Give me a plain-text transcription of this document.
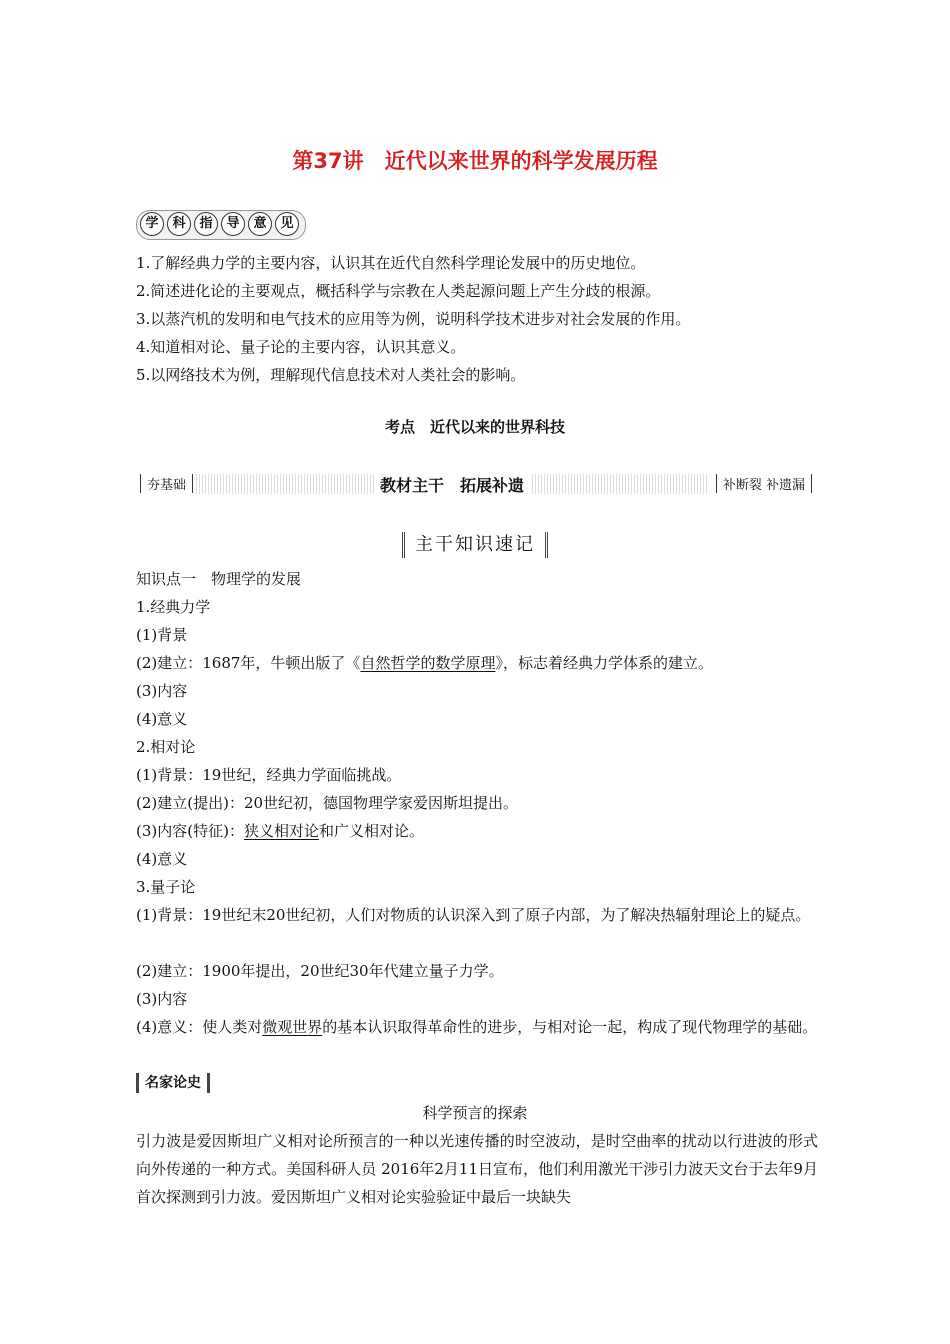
第37讲　近代以来世界的科学发展历程
学	科	指	导	意	见
1.了解经典力学的主要内容，认识其在近代自然科学理论发展中的历史地位。
2.简述进化论的主要观点，概括科学与宗教在人类起源问题上产生分歧的根源。
3.以蒸汽机的发明和电气技术的应用等为例，说明科学技术进步对社会发展的作用。
4.知道相对论、量子论的主要内容，认识其意义。
5.以网络技术为例，理解现代信息技术对人类社会的影响。
考点　近代以来的世界科技
夯基础	教材主干　拓展补遗	补断裂 补遗漏
主干知识速记
知识点一　物理学的发展
1.经典力学
(1)背景
(2)建立：1687年，牛顿出版了《自然哲学的数学原理》，标志着经典力学体系的建立。
(3)内容
(4)意义
2.相对论
(1)背景：19世纪，经典力学面临挑战。
(2)建立(提出)：20世纪初，德国物理学家爱因斯坦提出。
(3)内容(特征)：狭义相对论和广义相对论。
(4)意义
3.量子论
(1)背景：19世纪末20世纪初，人们对物质的认识深入到了原子内部，为了解决热辐射理论上的疑点。
(2)建立：1900年提出，20世纪30年代建立量子力学。
(3)内容
(4)意义：使人类对微观世界的基本认识取得革命性的进步，与相对论一起，构成了现代物理学的基础。
名家论史
科学预言的探索
引力波是爱因斯坦广义相对论所预言的一种以光速传播的时空波动，是时空曲率的扰动以行进波的形式向外传递的一种方式。美国科研人员 2016年2月11日宣布，他们利用激光干涉引力波天文台于去年9月首次探测到引力波。爱因斯坦广义相对论实验验证中最后一块缺失
